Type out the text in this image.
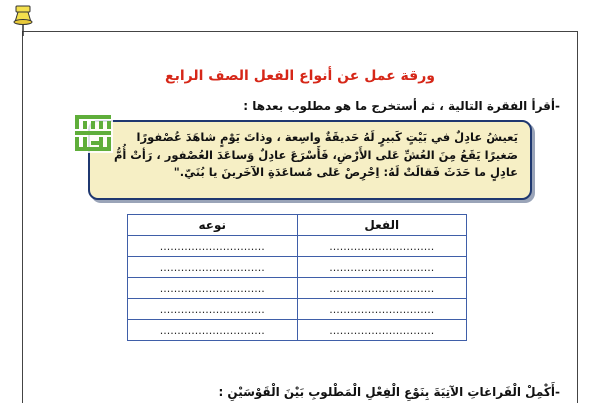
ورقة عمل عن أنواع الفعل الصف الرابع
-أقرأ الفقرة التالية ، ثم أستخرج ما هو مطلوب بعدها :
يَعيشُ عادِلٌ في بَيْتٍ كَبيرٍ لَهُ حَديقَةٌ واسِعة ، وذاتَ يَوْمٍ شاهَدَ عُصْفورًا
صَغيرًا يَقَعُ مِنَ العُشِّ عَلى الأَرْضِ، فَأَسْرَعَ عادِلٌ وَساعَدَ العُصْفور ، رَأتْ أُمُّ
عادِلٍ ما حَدَثَ فَقالَتْ لَهُ: اِحْرِصْ عَلى مُساعَدَةِ الآخَرينَ يا بُنَيّ."
نوعه	الفعل
..............................	..............................
..............................	..............................
..............................	..............................
..............................	..............................
..............................	..............................
-أَكْمِلْ الْفَراغاتِ الآتِيَةَ بِنَوْعِ الْفِعْلِ الْمَطْلوبِ بَيْنَ الْقَوْسَيْنِ :
